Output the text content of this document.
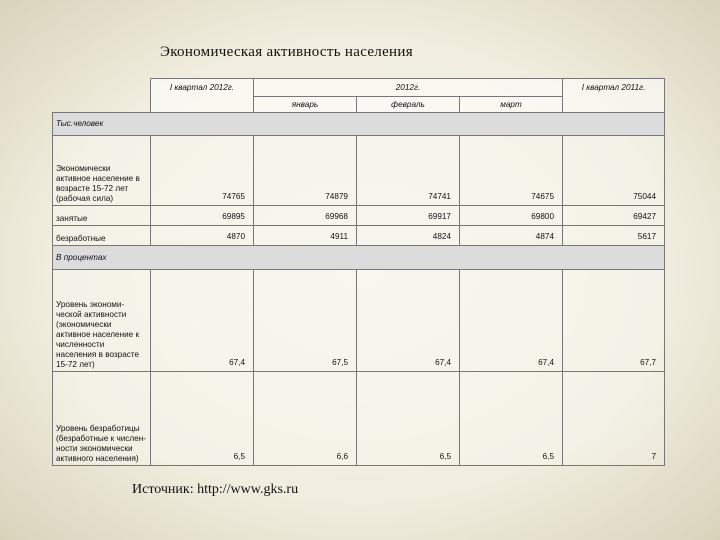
Экономическая активность населения
	I квартал 2012г.	2012г.			I квартал 2011г.
		январь	февраль	март	
Тыс.человек					
Экономически активное население в возрасте 15-72 лет (рабочая сила)	74765	74879	74741	74675	75044
занятые	69895	69968	69917	69800	69427
безработные	4870	4911	4824	4874	5617
В процентах					
Уровень экономи-ческой активности (экономически активное население к численности населения в возрасте 15-72 лет)	67,4	67,5	67,4	67,4	67,7
Уровень безработицы (безработные к числен-ности экономически активного населения)	6,5	6,6	6,5	6,5	7
Источник: http://www.gks.ru
